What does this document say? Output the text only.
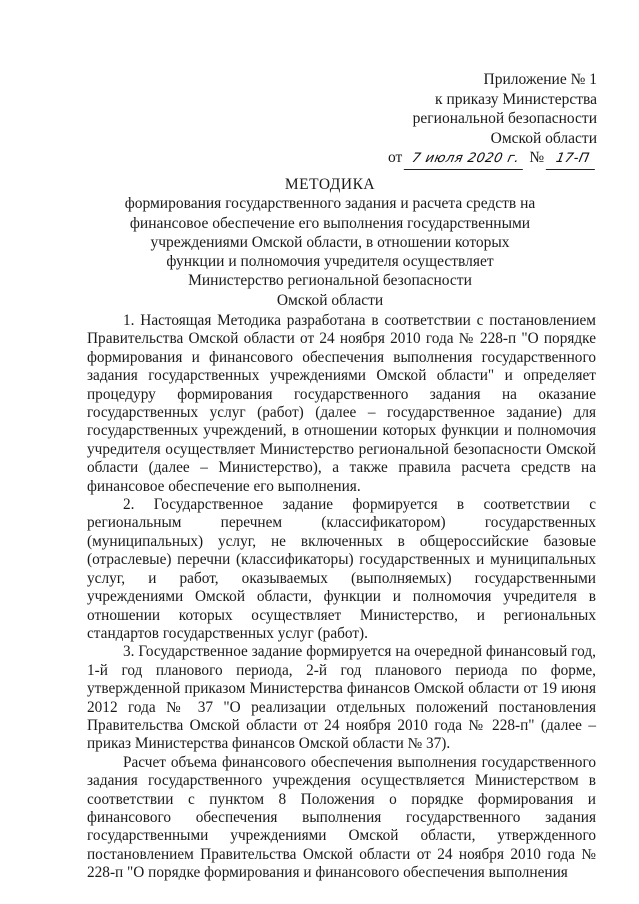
Приложение № 1
к приказу Министерства
региональной безопасности
Омской области
от 7 июля 2020 г. № 17-П
МЕТОДИКА
формирования государственного задания и расчета средств на
финансовое обеспечение его выполнения государственными
учреждениями Омской области, в отношении которых
функции и полномочия учредителя осуществляет
Министерство региональной безопасности
Омской области

1. Настоящая Методика разработана в соответствии с постановлением Правительства Омской области от 24 ноября 2010 года № 228-п "О порядке формирования и финансового обеспечения выполнения государственного задания государственных учреждениями Омской области" и определяет процедуру формирования государственного задания на оказание государственных услуг (работ) (далее – государственное задание) для государственных учреждений, в отношении которых функции и полномочия учредителя осуществляет Министерство региональной безопасности Омской области (далее – Министерство), а также правила расчета средств на финансовое обеспечение его выполнения.

2. Государственное задание формируется в соответствии с региональным перечнем (классификатором) государственных (муниципальных) услуг, не включенных в общероссийские базовые (отраслевые) перечни (классификаторы) государственных и муниципальных услуг, и работ, оказываемых (выполняемых) государственными учреждениями Омской области, функции и полномочия учредителя в отношении которых осуществляет Министерство, и региональных стандартов государственных услуг (работ).

3. Государственное задание формируется на очередной финансовый год, 1-й год планового периода, 2-й год планового периода по форме, утвержденной приказом Министерства финансов Омской области от 19 июня 2012 года № 37 "О реализации отдельных положений постановления Правительства Омской области от 24 ноября 2010 года № 228-п" (далее – приказ Министерства финансов Омской области № 37).

Расчет объема финансового обеспечения выполнения государственного задания государственного учреждения осуществляется Министерством в соответствии с пунктом 8 Положения о порядке формирования и финансового обеспечения выполнения государственного задания государственными учреждениями Омской области, утвержденного постановлением Правительства Омской области от 24 ноября 2010 года № 228-п "О порядке формирования и финансового обеспечения выполнения
